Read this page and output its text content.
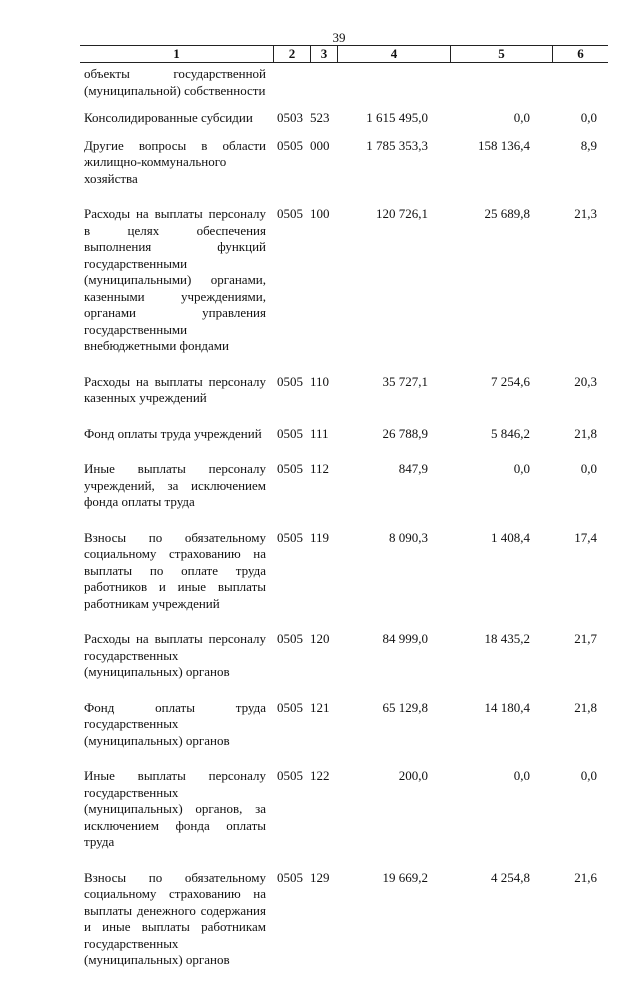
39
1	2	3	4	5	6
объекты государственной (муниципальной) собственности
Консолидированные субсидии	0503 523	1 615 495,0	0,0	0,0
Другие вопросы в области жилищно-коммунального хозяйства
0505 000	1 785 353,3	158 136,4	8,9
Расходы на выплаты персоналу в целях обеспечения выполнения функций государственными (муниципальными) органами, казенными учреждениями, органами управления государственными внебюджетными фондами
0505 100	120 726,1	25 689,8	21,3
Расходы на выплаты персоналу казенных учреждений
0505 110	35 727,1	7 254,6	20,3
Фонд оплаты труда учреждений	0505 111	26 788,9	5 846,2	21,8
Иные выплаты персоналу учреждений, за исключением фонда оплаты труда
0505 112	847,9	0,0	0,0
Взносы по обязательному социальному страхованию на выплаты по оплате труда работников и иные выплаты работникам учреждений
0505 119	8 090,3	1 408,4	17,4
Расходы на выплаты персоналу государственных (муниципальных) органов
0505 120	84 999,0	18 435,2	21,7
Фонд оплаты труда государственных (муниципальных) органов
0505 121	65 129,8	14 180,4	21,8
Иные выплаты персоналу государственных (муниципальных) органов, за исключением фонда оплаты труда
0505 122	200,0	0,0	0,0
Взносы по обязательному социальному страхованию на выплаты денежного содержания и иные выплаты работникам государственных (муниципальных) органов
0505 129	19 669,2	4 254,8	21,6
